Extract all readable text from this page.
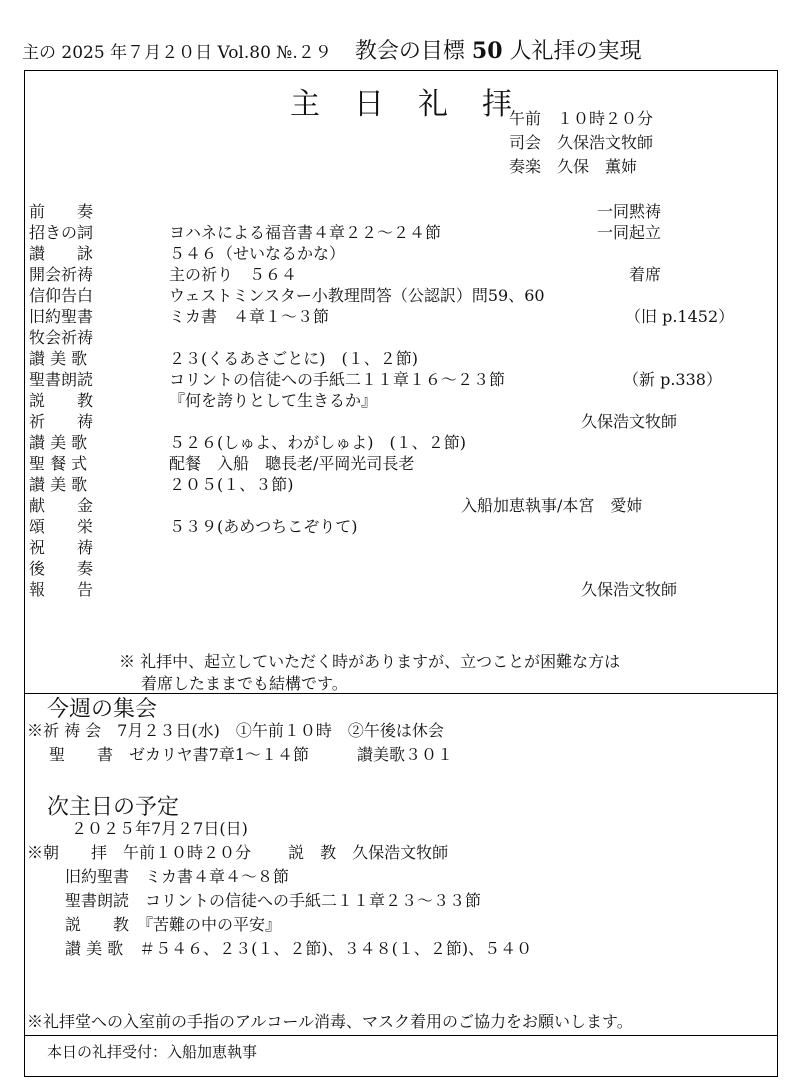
主の 2025 年７月２０日 Vol.80 №.２９ 教会の目標 50 人礼拝の実現
主日礼拝
午前　１０時２０分
司会　久保浩文牧師
奏楽　久保　薫姉
前　　奏	一同黙祷
招きの詞	ヨハネによる福音書４章２２～２４節	一同起立
讃　　詠	５４６（せいなるかな）
開会祈祷	主の祈り　５６４	着席
信仰告白	ウェストミンスター小教理問答（公認訳）問59、60
旧約聖書	ミカ書　４章１～３節	（旧 p.1452）
牧会祈祷
讃 美 歌	２３(くるあさごとに)　(１、２節)
聖書朗読	コリントの信徒への手紙二１１章１６～２３節	（新 p.338）
説　　教	『何を誇りとして生きるか』
祈　　祷	久保浩文牧師
讃 美 歌	５２６(しゅよ、わがしゅよ)　(１、２節)
聖 餐 式	配餐　入船　聰長老/平岡光司長老
讃 美 歌	２０５(１、３節)
献　　金	入船加恵執事/本宮　愛姉
頌　　栄	５３９(あめつちこぞりて)
祝　　祷
後　　奏
報　　告	久保浩文牧師
※ 礼拝中、起立していただく時がありますが、立つことが困難な方は
着席したままでも結構です。
今週の集会
※祈 祷 会　7月２３日(水)　①午前１０時　②午後は休会
聖　　書　ゼカリヤ書7章1～１４節　　　讃美歌３０１
次主日の予定
２０２５年7月２7日(日)
※朝　　拝　午前１０時２０分　　 説　教　久保浩文牧師
旧約聖書　ミカ書４章４～８節
聖書朗読　コリントの信徒への手紙二１１章２３～３３節
説　　教　『苦難の中の平安』
讃 美 歌　＃５４６、２３(１、２節)、３４８(１、２節)、５４０
※礼拝堂への入室前の手指のアルコール消毒、マスク着用のご協力をお願いします。
本日の礼拝受付：入船加恵執事
